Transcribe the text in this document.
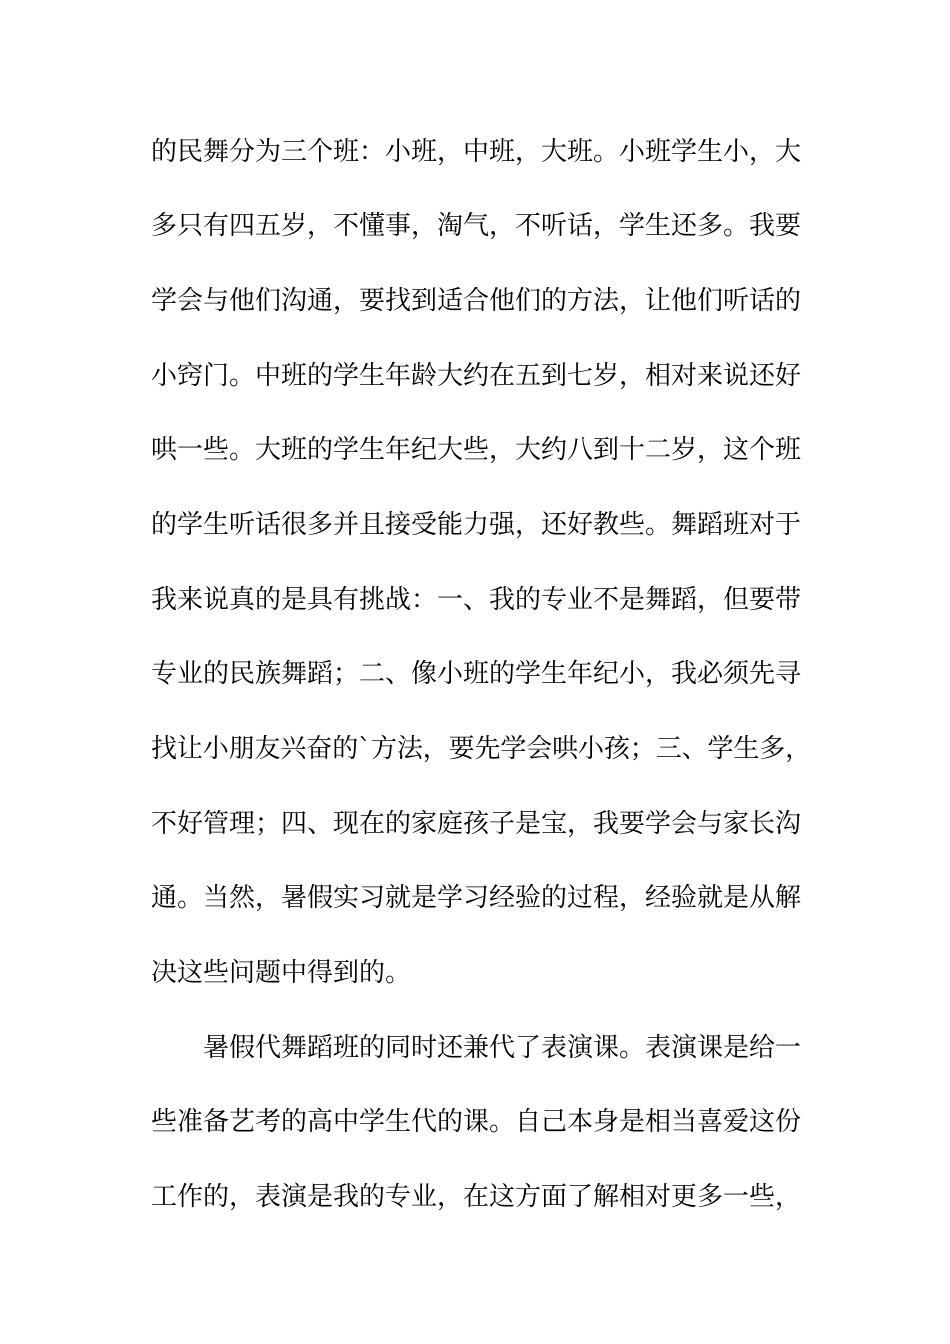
的民舞分为三个班：小班，中班，大班。小班学生小，大
多只有四五岁，不懂事，淘气，不听话，学生还多。我要
学会与他们沟通，要找到适合他们的方法，让他们听话的
小窍门。中班的学生年龄大约在五到七岁，相对来说还好
哄一些。大班的学生年纪大些，大约八到十二岁，这个班
的学生听话很多并且接受能力强，还好教些。舞蹈班对于
我来说真的是具有挑战：一、我的专业不是舞蹈，但要带
专业的民族舞蹈；二、像小班的学生年纪小，我必须先寻
找让小朋友兴奋的`方法，要先学会哄小孩；三、学生多，
不好管理；四、现在的家庭孩子是宝，我要学会与家长沟
通。当然，暑假实习就是学习经验的过程，经验就是从解
决这些问题中得到的。
暑假代舞蹈班的同时还兼代了表演课。表演课是给一
些准备艺考的高中学生代的课。自己本身是相当喜爱这份
工作的，表演是我的专业，在这方面了解相对更多一些，
